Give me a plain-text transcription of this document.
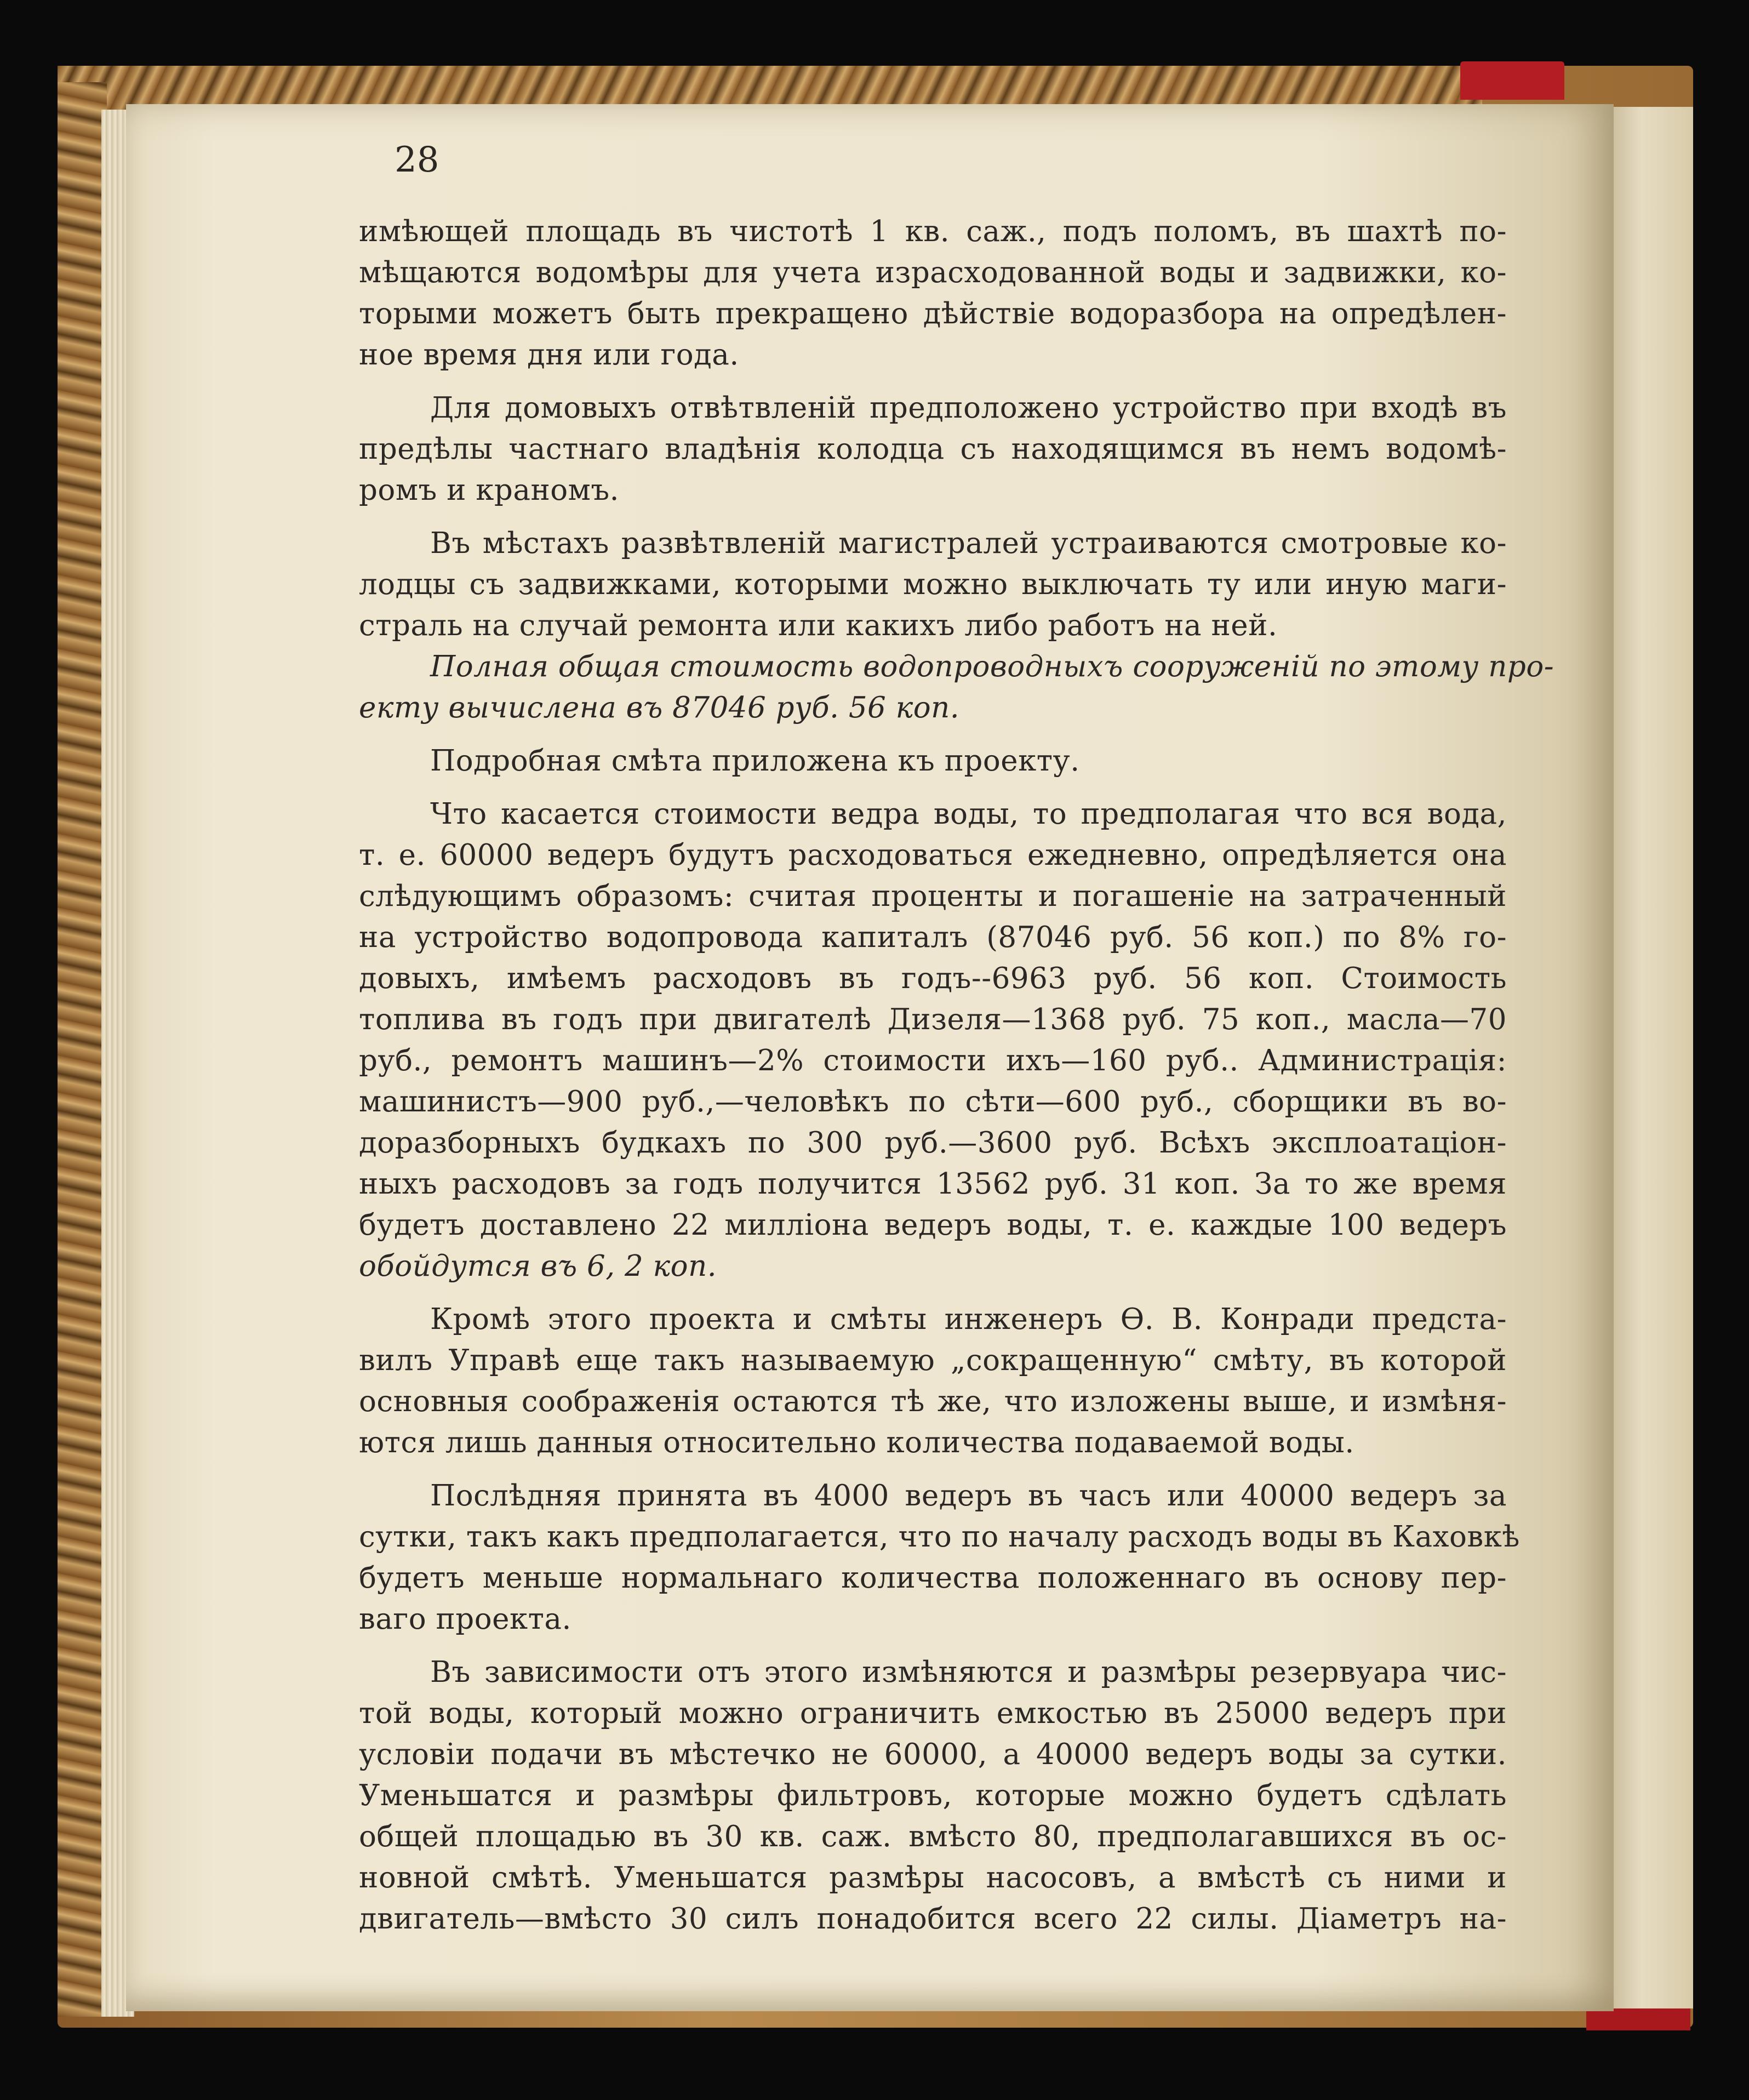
28
имѣющей площадь въ чистотѣ 1 кв. саж., подъ поломъ, въ шахтѣ по-
мѣщаются водомѣры для учета израсходованной воды и задвижки, ко-
торыми можетъ быть прекращено дѣйствіе водоразбора на опредѣлен-
ное время дня или года.
Для домовыхъ отвѣтвленій предположено устройство при входѣ въ
предѣлы частнаго владѣнія колодца съ находящимся въ немъ водомѣ-
ромъ и краномъ.
Въ мѣстахъ развѣтвленій магистралей устраиваются смотровые ко-
лодцы съ задвижками, которыми можно выключать ту или иную маги-
страль на случай ремонта или какихъ либо работъ на ней.
Полная общая стоимость водопроводныхъ сооруженій по этому про-
екту вычислена въ 87046 руб. 56 коп.
Подробная смѣта приложена къ проекту.
Что касается стоимости ведра воды, то предполагая что вся вода,
т. е. 60000 ведеръ будутъ расходоваться ежедневно, опредѣляется она
слѣдующимъ образомъ: считая проценты и погашеніе на затраченный
на устройство водопровода капиталъ (87046 руб. 56 коп.) по 8% го-
довыхъ, имѣемъ расходовъ въ годъ--6963 руб. 56 коп. Стоимость
топлива въ годъ при двигателѣ Дизеля—1368 руб. 75 коп., масла—70
руб., ремонтъ машинъ—2% стоимости ихъ—160 руб.. Администрація:
машинистъ—900 руб.,—человѣкъ по сѣти—600 руб., сборщики въ во-
доразборныхъ будкахъ по 300 руб.—3600 руб. Всѣхъ эксплоатаціон-
ныхъ расходовъ за годъ получится 13562 руб. 31 коп. За то же время
будетъ доставлено 22 милліона ведеръ воды, т. е. каждые 100 ведеръ
обойдутся въ 6, 2 коп.
Кромѣ этого проекта и смѣты инженеръ Ѳ. В. Конради предста-
вилъ Управѣ еще такъ называемую „сокращенную“ смѣту, въ которой
основныя соображенія остаются тѣ же, что изложены выше, и измѣня-
ются лишь данныя относительно количества подаваемой воды.
Послѣдняя принята въ 4000 ведеръ въ часъ или 40000 ведеръ за
сутки, такъ какъ предполагается, что по началу расходъ воды въ Каховкѣ
будетъ меньше нормальнаго количества положеннаго въ основу пер-
ваго проекта.
Въ зависимости отъ этого измѣняются и размѣры резервуара чис-
той воды, который можно ограничить емкостью въ 25000 ведеръ при
условіи подачи въ мѣстечко не 60000, а 40000 ведеръ воды за сутки.
Уменьшатся и размѣры фильтровъ, которые можно будетъ сдѣлать
общей площадью въ 30 кв. саж. вмѣсто 80, предполагавшихся въ ос-
новной смѣтѣ. Уменьшатся размѣры насосовъ, а вмѣстѣ съ ними и
двигатель—вмѣсто 30 силъ понадобится всего 22 силы. Діаметръ на-
